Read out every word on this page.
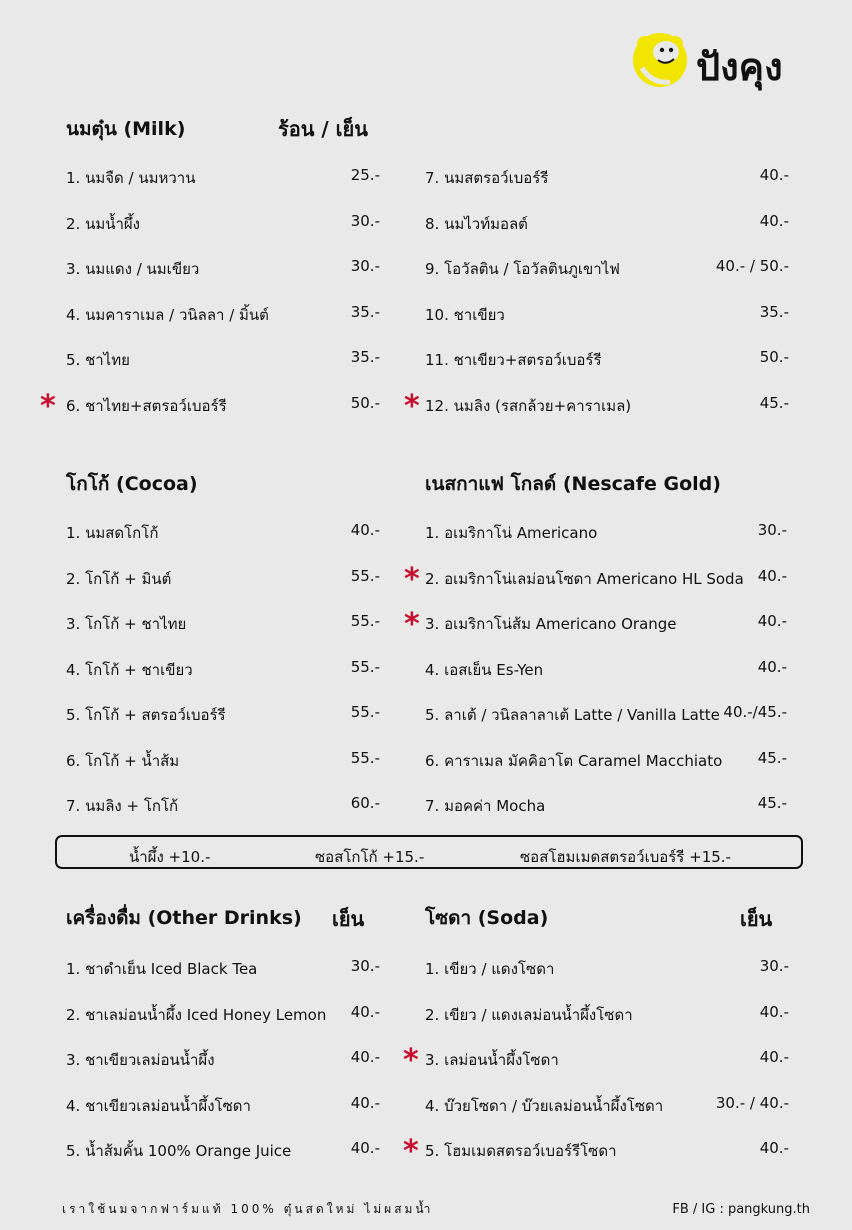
ปังคุง
นมตุ๋น (Milk)	ร้อน / เย็น
1. นมจืด / นมหวาน	25.-
2. นมน้ำผึ้ง	30.-
3. นมแดง / นมเขียว	30.-
4. นมคาราเมล / วนิลลา / มิ้นต์	35.-
5. ชาไทย	35.-
6. ชาไทย+สตรอว์เบอร์รี	50.-
*
7. นมสตรอว์เบอร์รี	40.-
8. นมไวท์มอลต์	40.-
9. โอวัลติน / โอวัลตินภูเขาไฟ	40.- / 50.-
10. ชาเขียว	35.-
11. ชาเขียว+สตรอว์เบอร์รี	50.-
12. นมลิง (รสกล้วย+คาราเมล)	45.-
*
โกโก้ (Cocoa)
1. นมสดโกโก้	40.-
2. โกโก้ + มินต์	55.-
3. โกโก้ + ชาไทย	55.-
4. โกโก้ + ชาเขียว	55.-
5. โกโก้ + สตรอว์เบอร์รี	55.-
6. โกโก้ + น้ำส้ม	55.-
7. นมลิง + โกโก้	60.-
เนสกาแฟ โกลด์ (Nescafe Gold)
1. อเมริกาโน่ Americano	30.-
2. อเมริกาโน่เลม่อนโซดา Americano HL Soda 40.-
*
3. อเมริกาโน่ส้ม Americano Orange	40.-
*
4. เอสเย็น Es-Yen	40.-
5. ลาเต้ / วนิลลาลาเต้ Latte / Vanilla Latte 40.-/45.-
6. คาราเมล มัคคิอาโต Caramel Macchiato 45.-
7. มอคค่า Mocha	45.-
น้ำผึ้ง +10.-	ซอสโกโก้ +15.-	ซอสโฮมเมดสตรอว์เบอร์รี +15.-
เครื่องดื่ม (Other Drinks) เย็น
1. ชาดำเย็น Iced Black Tea	30.-
2. ชาเลม่อนน้ำผึ้ง Iced Honey Lemon 40.-
3. ชาเขียวเลม่อนน้ำผึ้ง	40.-
4. ชาเขียวเลม่อนน้ำผึ้งโซดา	40.-
5. น้ำส้มคั้น 100% Orange Juice	40.-
โซดา (Soda)	เย็น
1. เขียว / แดงโซดา	30.-
2. เขียว / แดงเลม่อนน้ำผึ้งโซดา	40.-
3. เลม่อนน้ำผึ้งโซดา	40.-
*
4. บ๊วยโซดา / บ๊วยเลม่อนน้ำผึ้งโซดา	30.- / 40.-
5. โฮมเมดสตรอว์เบอร์รีโซดา	40.-
*
เราใช้นมจากฟาร์มแท้ 100% ตุ๋นสดใหม่ ไม่ผสมน้ำ	FB / IG : pangkung.th
